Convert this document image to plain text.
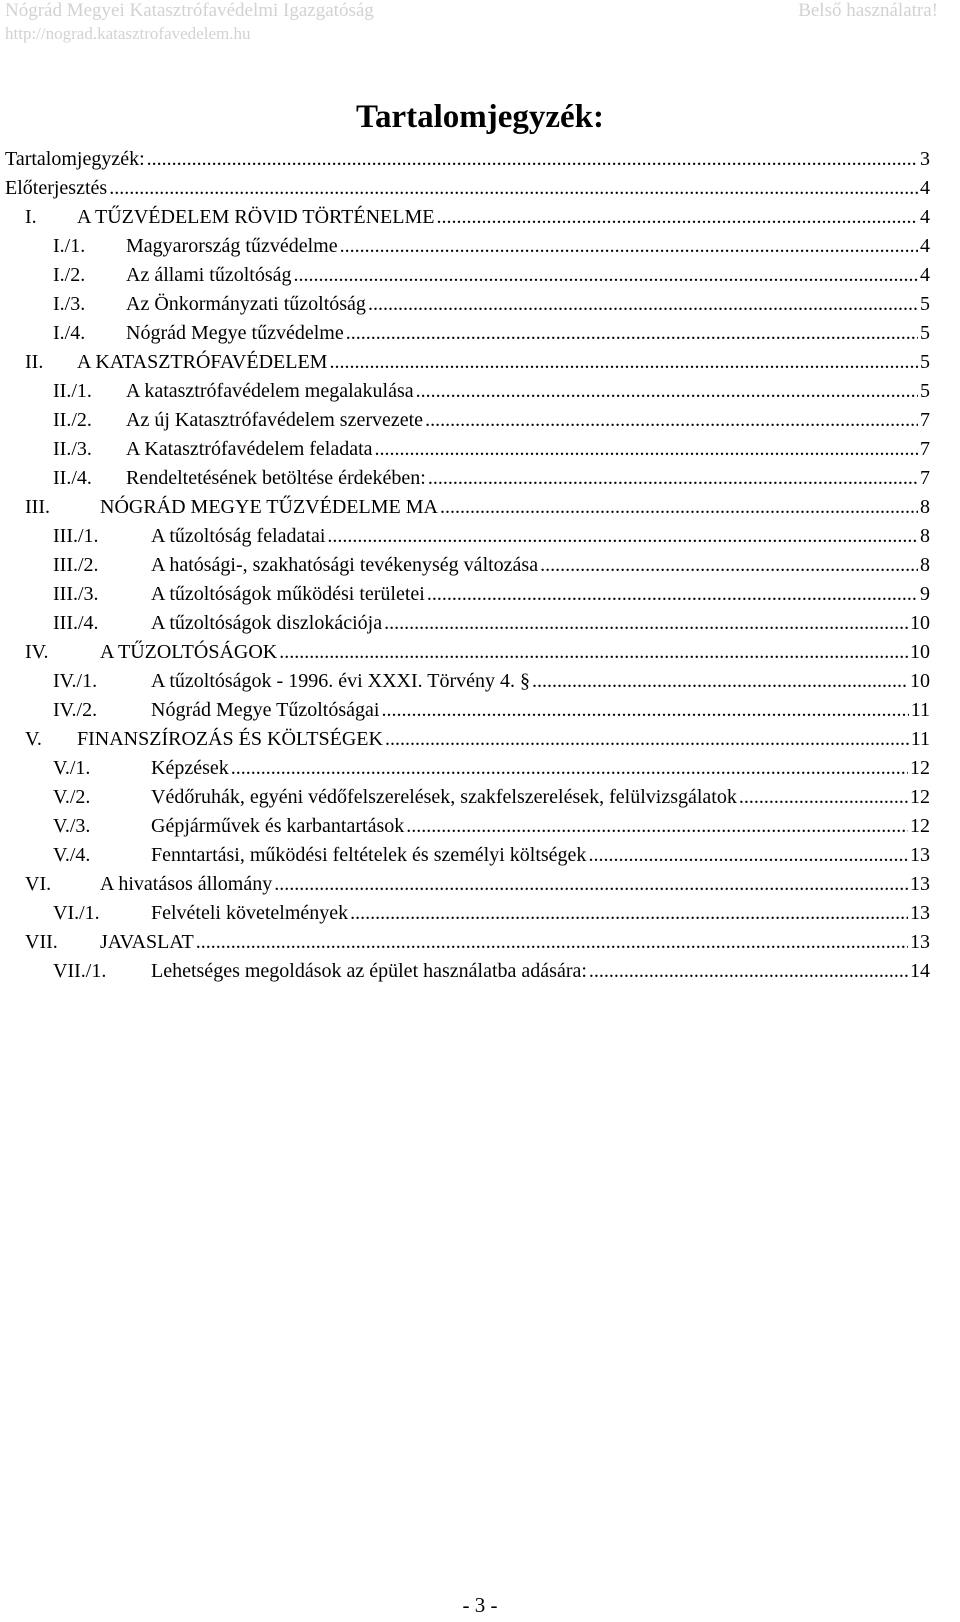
Nógrád Megyei Katasztrófavédelmi Igazgatóság
http://nograd.katasztrofavedelem.hu
Belső használatra!
Tartalomjegyzék:
Tartalomjegyzék: .....	3
Előterjesztés .....	4
I.	A TŰZVÉDELEM RÖVID TÖRTÉNELME .....	4
I./1.	Magyarország tűzvédelme .....	4
I./2.	Az állami tűzoltóság .....	4
I./3.	Az Önkormányzati tűzoltóság .....	5
I./4.	Nógrád Megye tűzvédelme .....	5
II.	A KATASZTRÓFAVÉDELEM .....	5
II./1.	A katasztrófavédelem megalakulása .....	5
II./2.	Az új Katasztrófavédelem szervezete .....	7
II./3.	A Katasztrófavédelem feladata .....	7
II./4.	Rendeltetésének betöltése érdekében: .....	7
III.	NÓGRÁD MEGYE TŰZVÉDELME MA .....	8
III./1.	A tűzoltóság feladatai .....	8
III./2.	A hatósági-, szakhatósági tevékenység változása .....	8
III./3.	A tűzoltóságok működési területei .....	9
III./4.	A tűzoltóságok diszlokációja .....	10
IV.	A TŰZOLTÓSÁGOK .....	10
IV./1.	A tűzoltóságok - 1996. évi XXXI. Törvény 4. § .....	10
IV./2.	Nógrád Megye Tűzoltóságai .....	11
V.	FINANSZÍROZÁS ÉS KÖLTSÉGEK .....	11
V./1.	Képzések .....	12
V./2.	Védőruhák, egyéni védőfelszerelések, szakfelszerelések, felülvizsgálatok .....	12
V./3.	Gépjárművek és karbantartások .....	12
V./4.	Fenntartási, működési feltételek és személyi költségek .....	13
VI.	A hivatásos állomány .....	13
VI./1.	Felvételi követelmények .....	13
VII.	JAVASLAT .....	13
VII./1.	Lehetséges megoldások az épület használatba adására: .....	14
- 3 -
